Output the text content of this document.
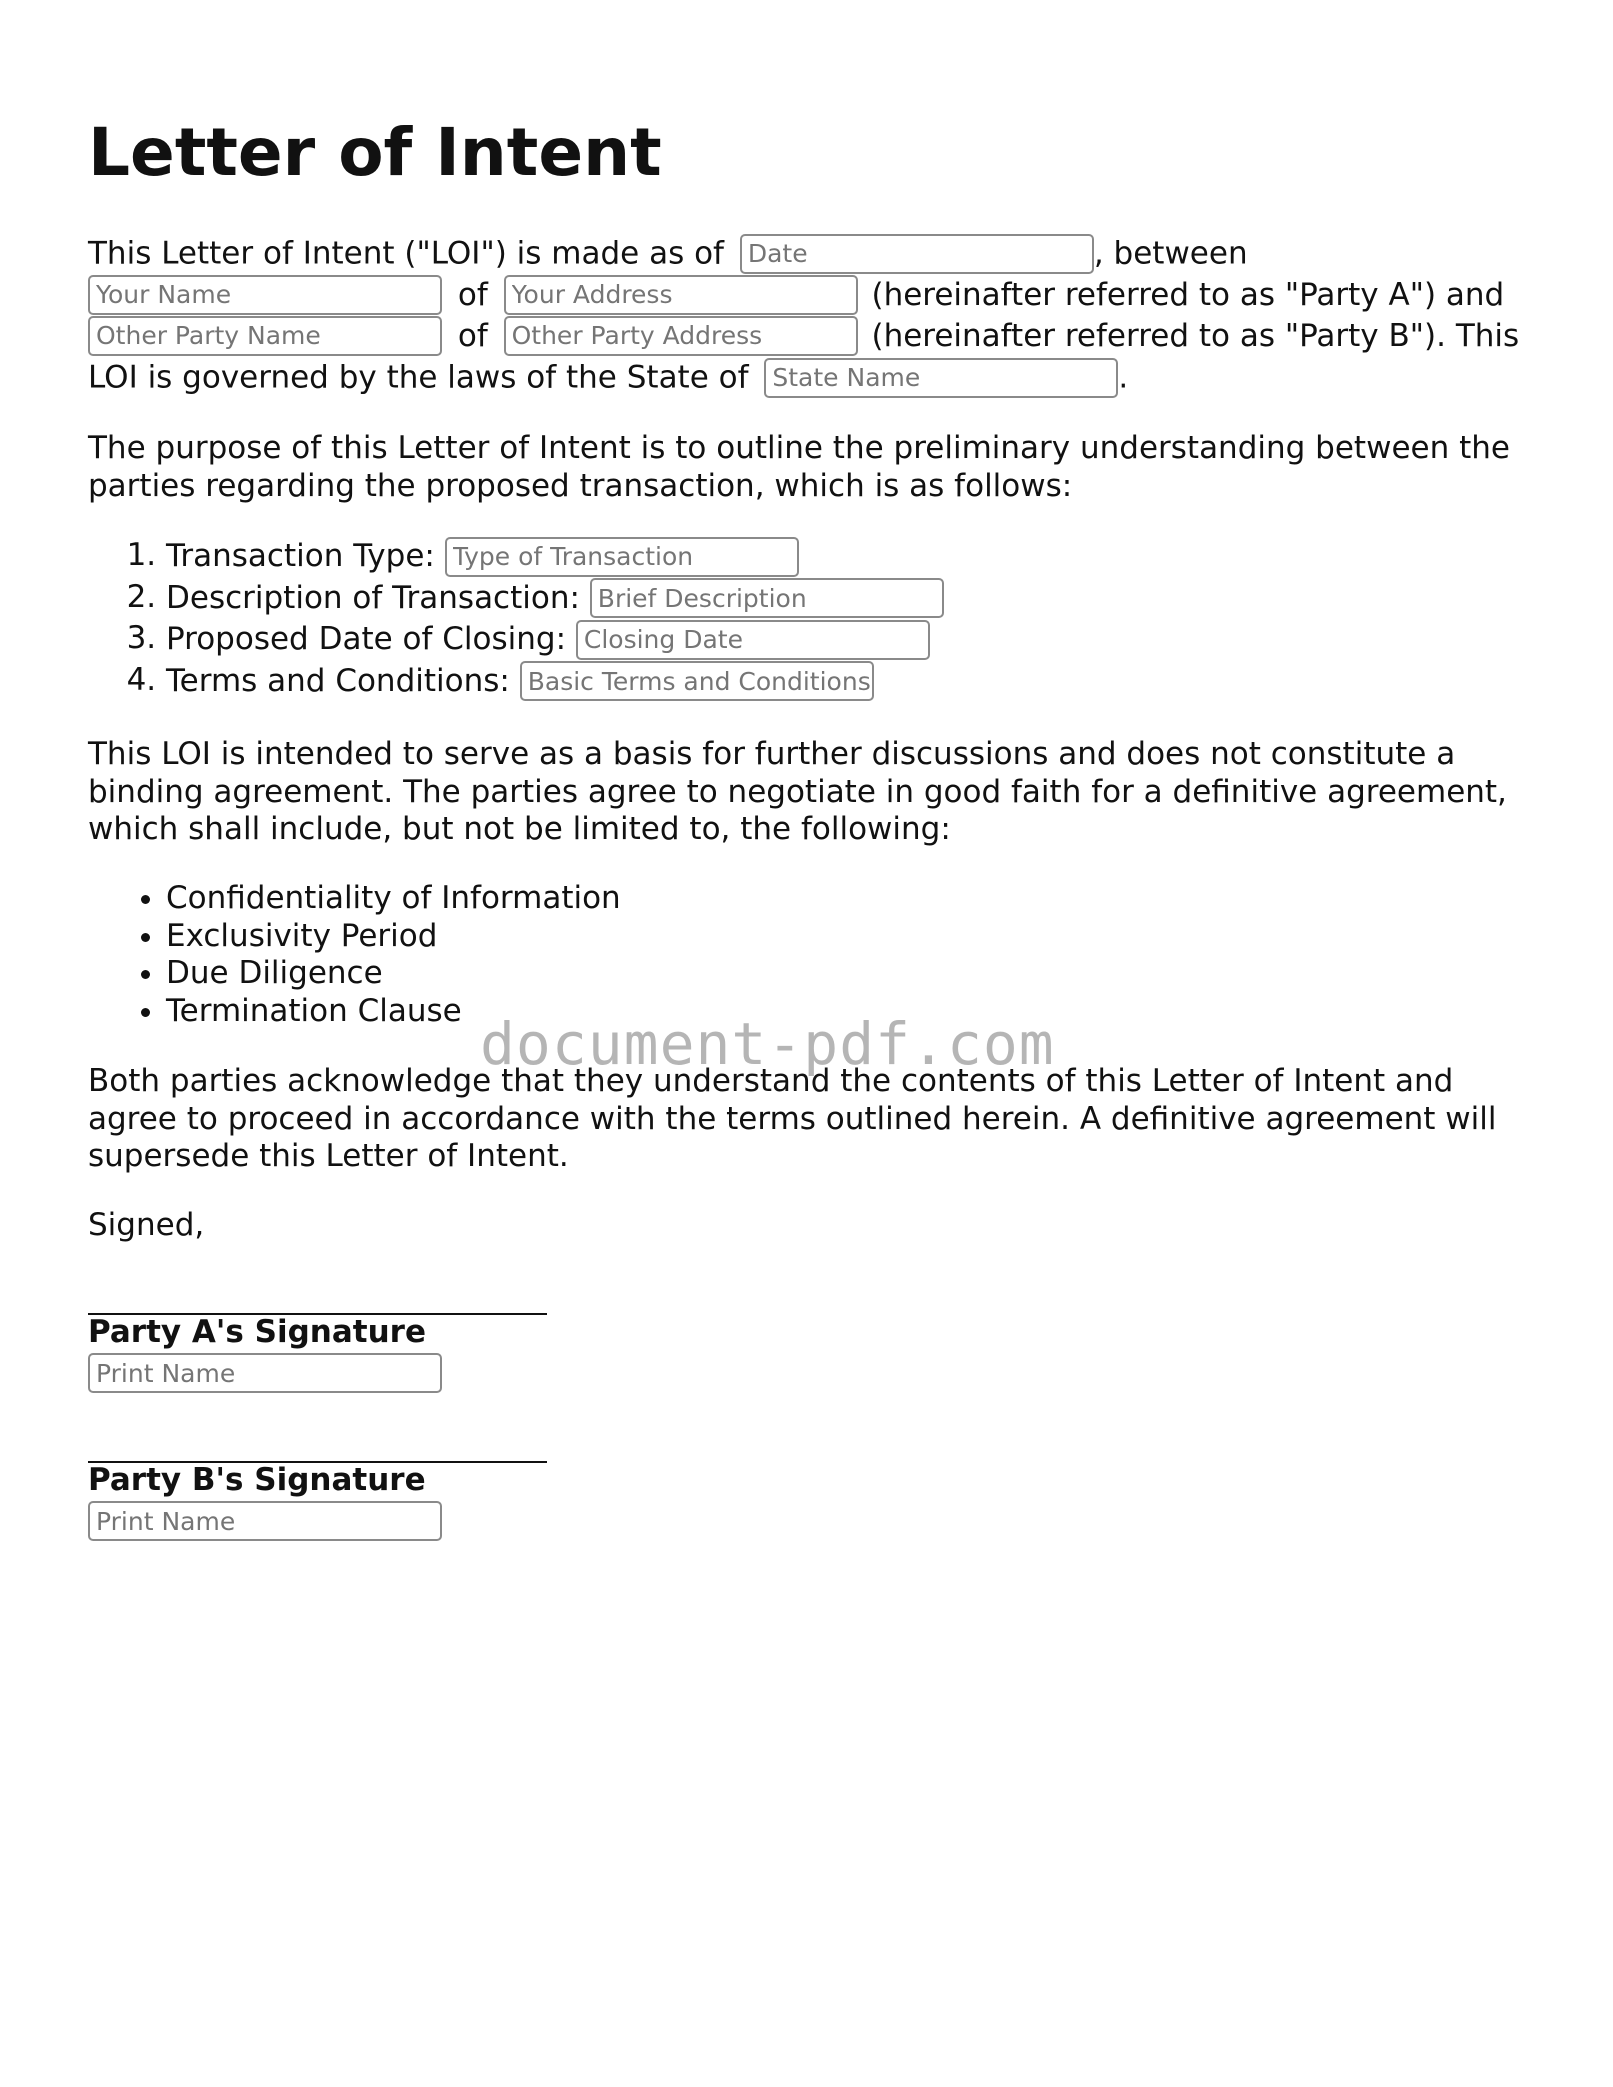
Letter of Intent
This Letter of Intent ("LOI") is made as of Date	, between
Your Name of Your Address	(hereinafter referred to as "Party A") and
Other Party Name of Other Party Address	(hereinafter referred to as "Party B"). This
LOI is governed by the laws of the State of State Name	.
The purpose of this Letter of Intent is to outline the preliminary understanding between the parties regarding the proposed transaction, which is as follows:
1. Transaction Type: Type of Transaction
2. Description of Transaction: Brief Description
3. Proposed Date of Closing: Closing Date
4. Terms and Conditions: Basic Terms and Conditions
This LOI is intended to serve as a basis for further discussions and does not constitute a binding agreement. The parties agree to negotiate in good faith for a definitive agreement, which shall include, but not be limited to, the following:
• Confidentiality of Information
• Exclusivity Period
• Due Diligence
• Termination Clause
Both parties acknowledge that they understand the contents of this Letter of Intent and agree to proceed in accordance with the terms outlined herein. A definitive agreement will supersede this Letter of Intent.
Signed,
Party A's Signature
Print Name
Party B's Signature
Print Name
document-pdf.com
